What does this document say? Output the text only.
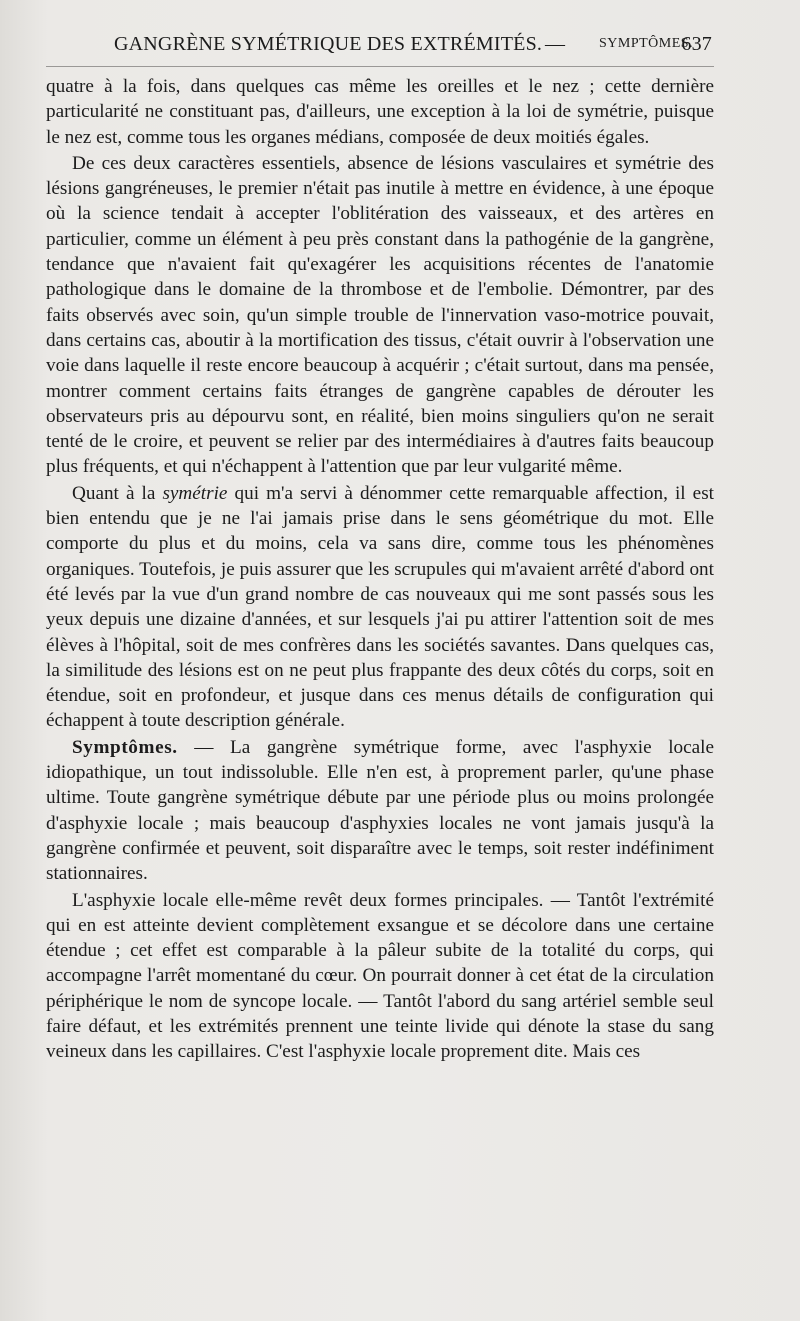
GANGRÈNE SYMÉTRIQUE DES EXTRÉMITÉS. — SYMPTÔMES.
637

quatre à la fois, dans quelques cas même les oreilles et le nez ; cette dernière particularité ne constituant pas, d'ailleurs, une exception à la loi de symétrie, puisque le nez est, comme tous les organes médians, composée de deux moitiés égales.

De ces deux caractères essentiels, absence de lésions vasculaires et symétrie des lésions gangréneuses, le premier n'était pas inutile à mettre en évidence, à une époque où la science tendait à accepter l'oblitération des vaisseaux, et des artères en particulier, comme un élément à peu près constant dans la pathogénie de la gangrène, tendance que n'avaient fait qu'exagérer les acquisitions récentes de l'anatomie pathologique dans le domaine de la thrombose et de l'embolie. Démontrer, par des faits observés avec soin, qu'un simple trouble de l'innervation vaso-motrice pouvait, dans certains cas, aboutir à la mortification des tissus, c'était ouvrir à l'observation une voie dans laquelle il reste encore beaucoup à acquérir ; c'était surtout, dans ma pensée, montrer comment certains faits étranges de gangrène capables de dérouter les observateurs pris au dépourvu sont, en réalité, bien moins singuliers qu'on ne serait tenté de le croire, et peuvent se relier par des intermédiaires à d'autres faits beaucoup plus fréquents, et qui n'échappent à l'attention que par leur vulgarité même.

Quant à la symétrie qui m'a servi à dénommer cette remarquable affection, il est bien entendu que je ne l'ai jamais prise dans le sens géométrique du mot. Elle comporte du plus et du moins, cela va sans dire, comme tous les phénomènes organiques. Toutefois, je puis assurer que les scrupules qui m'avaient arrêté d'abord ont été levés par la vue d'un grand nombre de cas nouveaux qui me sont passés sous les yeux depuis une dizaine d'années, et sur lesquels j'ai pu attirer l'attention soit de mes élèves à l'hôpital, soit de mes confrères dans les sociétés savantes. Dans quelques cas, la similitude des lésions est on ne peut plus frappante des deux côtés du corps, soit en étendue, soit en profondeur, et jusque dans ces menus détails de configuration qui échappent à toute description générale.

Symptômes. — La gangrène symétrique forme, avec l'asphyxie locale idiopathique, un tout indissoluble. Elle n'en est, à proprement parler, qu'une phase ultime. Toute gangrène symétrique débute par une période plus ou moins prolongée d'asphyxie locale ; mais beaucoup d'asphyxies locales ne vont jamais jusqu'à la gangrène confirmée et peuvent, soit disparaître avec le temps, soit rester indéfiniment stationnaires.

L'asphyxie locale elle-même revêt deux formes principales. — Tantôt l'extrémité qui en est atteinte devient complètement exsangue et se décolore dans une certaine étendue ; cet effet est comparable à la pâleur subite de la totalité du corps, qui accompagne l'arrêt momentané du cœur. On pourrait donner à cet état de la circulation périphérique le nom de syncope locale. — Tantôt l'abord du sang artériel semble seul faire défaut, et les extrémités prennent une teinte livide qui dénote la stase du sang veineux dans les capillaires. C'est l'asphyxie locale proprement dite. Mais ces
